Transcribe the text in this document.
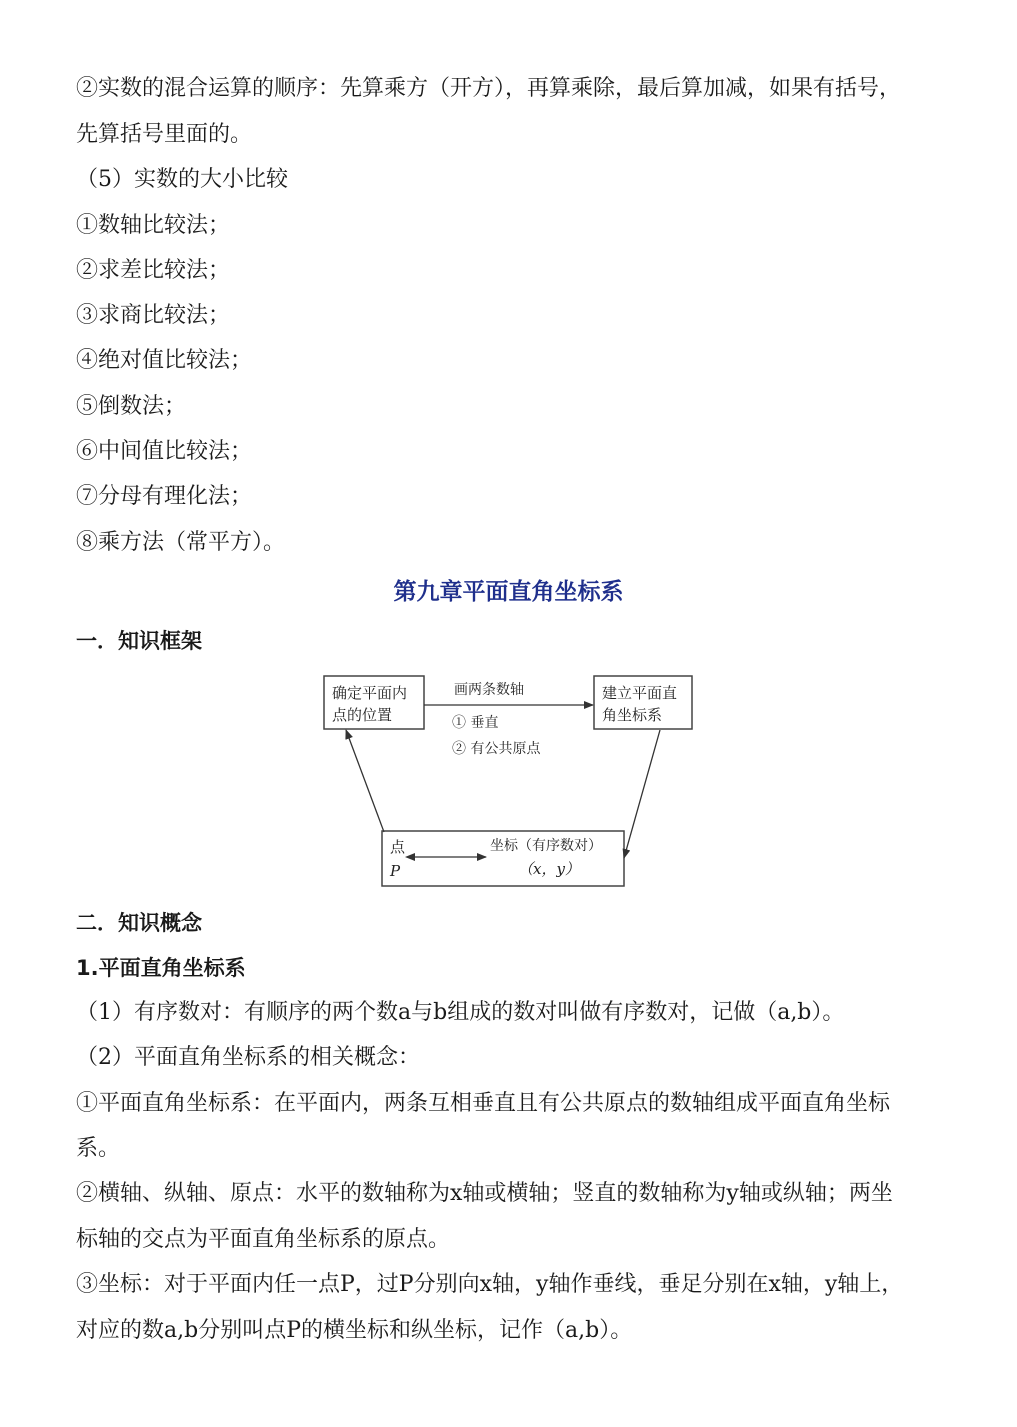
②实数的混合运算的顺序：先算乘方（开方），再算乘除，最后算加减，如果有括号，
先算括号里面的。
（5）实数的大小比较
①数轴比较法；
②求差比较法；
③求商比较法；
④绝对值比较法；
⑤倒数法；
⑥中间值比较法；
⑦分母有理化法；
⑧乘方法（常平方）。
第九章平面直角坐标系
一．知识框架
确定平面内
点的位置
建立平面直
角坐标系
画两条数轴
① 垂直
② 有公共原点
点
P
坐标（有序数对）
（x，y）
二．知识概念
1.平面直角坐标系
（1）有序数对：有顺序的两个数a与b组成的数对叫做有序数对，记做（a,b）。
（2）平面直角坐标系的相关概念：
①平面直角坐标系：在平面内，两条互相垂直且有公共原点的数轴组成平面直角坐标
系。
②横轴、纵轴、原点：水平的数轴称为x轴或横轴；竖直的数轴称为y轴或纵轴；两坐
标轴的交点为平面直角坐标系的原点。
③坐标：对于平面内任一点P，过P分别向x轴，y轴作垂线，垂足分别在x轴，y轴上，
对应的数a,b分别叫点P的横坐标和纵坐标，记作（a,b）。
